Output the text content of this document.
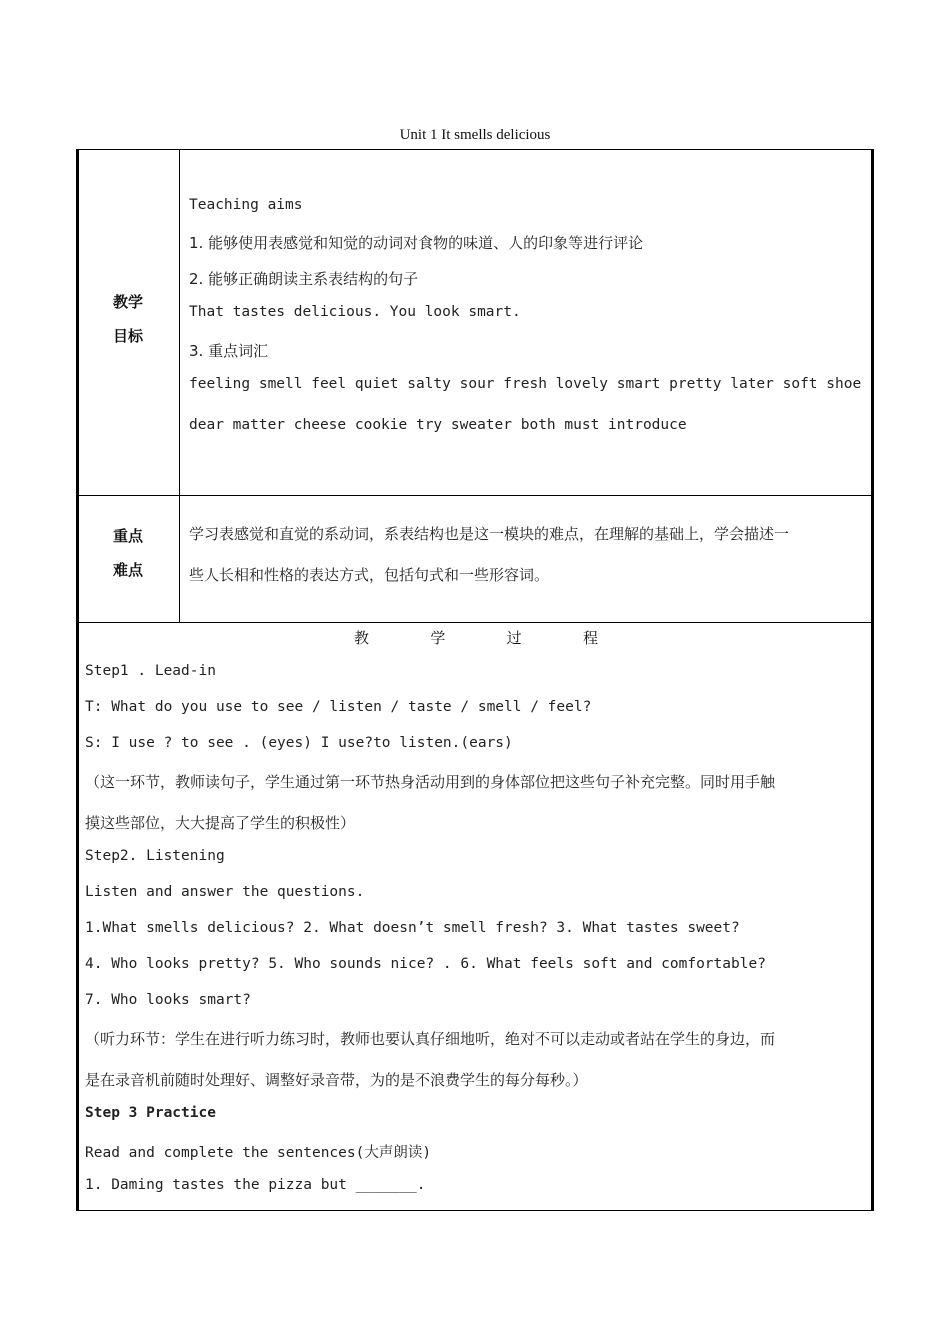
Unit 1 It smells delicious
教学
目标
Teaching aims
1. 能够使用表感觉和知觉的动词对食物的味道、人的印象等进行评论
2. 能够正确朗读主系表结构的句子
That tastes delicious. You look smart.
3. 重点词汇
feeling smell feel quiet salty sour fresh lovely smart pretty later soft shoe
dear matter cheese cookie try sweater both must introduce
重点
难点
学习表感觉和直觉的系动词，系表结构也是这一模块的难点，在理解的基础上，学会描述一
些人长相和性格的表达方式，包括句式和一些形容词。
教	学	过	程
Step1 . Lead-in
T: What do you use to see / listen / taste / smell / feel?
S: I use ? to see . (eyes) I use?to listen.(ears)
（这一环节，教师读句子，学生通过第一环节热身活动用到的身体部位把这些句子补充完整。同时用手触
摸这些部位，大大提高了学生的积极性）
Step2. Listening
Listen and answer the questions.
1.What smells delicious? 2. What doesn’t smell fresh? 3. What tastes sweet?
4. Who looks pretty? 5. Who sounds nice? . 6. What feels soft and comfortable?
7. Who looks smart?
（听力环节：学生在进行听力练习时，教师也要认真仔细地听，绝对不可以走动或者站在学生的身边，而
是在录音机前随时处理好、调整好录音带，为的是不浪费学生的每分每秒。）
Step 3 Practice
Read and complete the sentences(大声朗读)
1. Daming tastes the pizza but _______.
